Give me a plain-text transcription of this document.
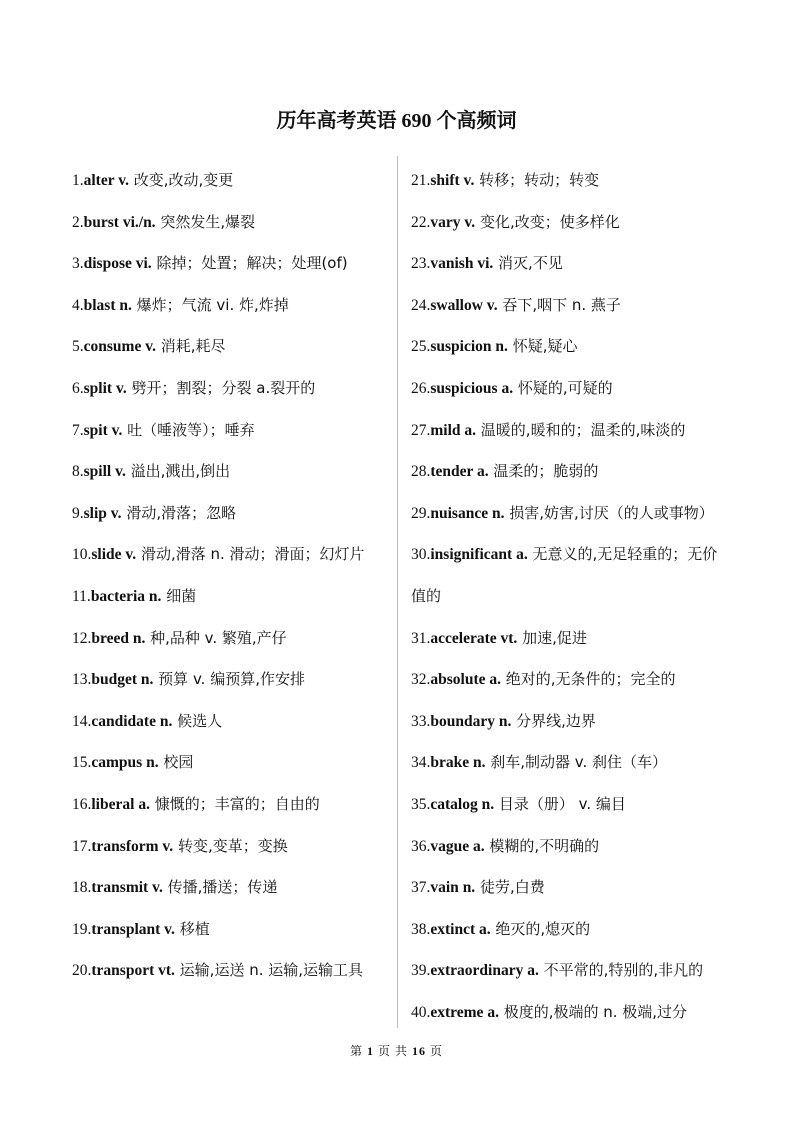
历年高考英语 690 个高频词
1.alter v. 改变,改动,变更
2.burst vi./n. 突然发生,爆裂
3.dispose vi. 除掉；处置；解决；处理(of)
4.blast n. 爆炸；气流 vi. 炸,炸掉
5.consume v. 消耗,耗尽
6.split v. 劈开；割裂；分裂 a.裂开的
7.spit v. 吐（唾液等）；唾弃
8.spill v. 溢出,溅出,倒出
9.slip v. 滑动,滑落；忽略
10.slide v. 滑动,滑落 n. 滑动；滑面；幻灯片
11.bacteria n. 细菌
12.breed n. 种,品种 v. 繁殖,产仔
13.budget n. 预算 v. 编预算,作安排
14.candidate n. 候选人
15.campus n. 校园
16.liberal a. 慷慨的；丰富的；自由的
17.transform v. 转变,变革；变换
18.transmit v. 传播,播送；传递
19.transplant v. 移植
20.transport vt. 运输,运送 n. 运输,运输工具
21.shift v. 转移；转动；转变
22.vary v. 变化,改变；使多样化
23.vanish vi. 消灭,不见
24.swallow v. 吞下,咽下 n. 燕子
25.suspicion n. 怀疑,疑心
26.suspicious a. 怀疑的,可疑的
27.mild a. 温暖的,暖和的；温柔的,味淡的
28.tender a. 温柔的；脆弱的
29.nuisance n. 损害,妨害,讨厌（的人或事物）
30.insignificant a. 无意义的,无足轻重的；无价值的
31.accelerate vt. 加速,促进
32.absolute a. 绝对的,无条件的；完全的
33.boundary n. 分界线,边界
34.brake n. 刹车,制动器 v. 刹住（车）
35.catalog n. 目录（册） v. 编目
36.vague a. 模糊的,不明确的
37.vain n. 徒劳,白费
38.extinct a. 绝灭的,熄灭的
39.extraordinary a. 不平常的,特别的,非凡的
40.extreme a. 极度的,极端的 n. 极端,过分
第 1 页 共 16 页
